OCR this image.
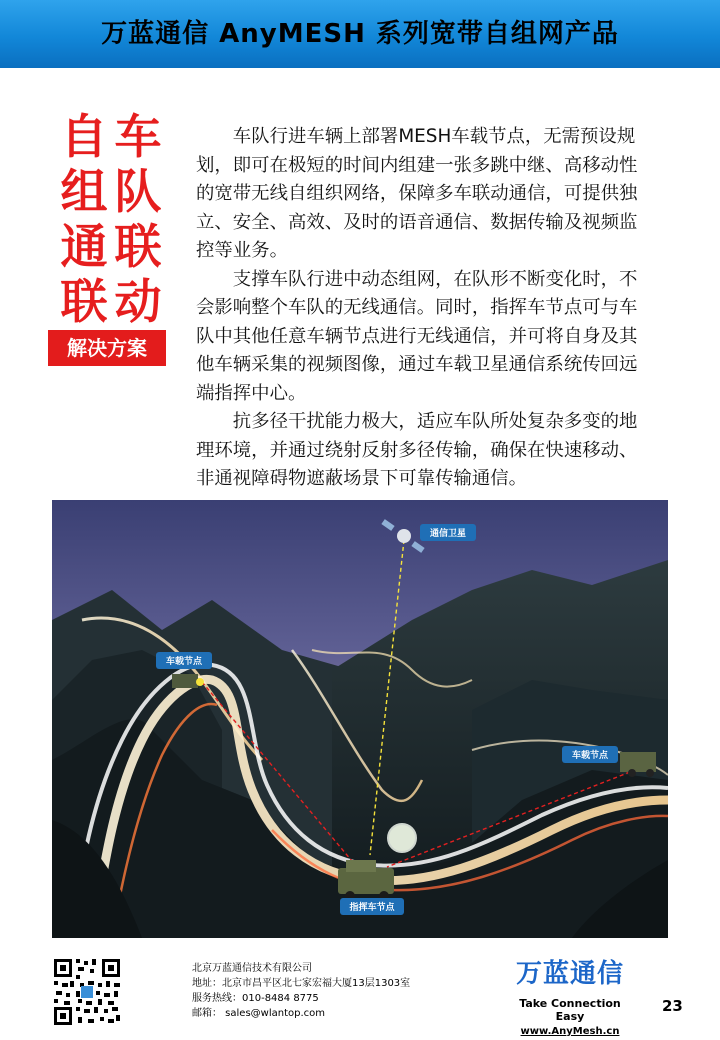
万蓝通信 AnyMESH 系列宽带自组网产品
自
组
通
联
车
队
联
动
解决方案

车队行进车辆上部署MESH车载节点，无需预设规划，即可在极短的时间内组建一张多跳中继、高移动性的宽带无线自组织网络，保障多车联动通信，可提供独立、安全、高效、及时的语音通信、数据传输及视频监控等业务。

支撑车队行进中动态组网，在队形不断变化时，不会影响整个车队的无线通信。同时，指挥车节点可与车队中其他任意车辆节点进行无线通信，并可将自身及其他车辆采集的视频图像，通过车载卫星通信系统传回远端指挥中心。

抗多径干扰能力极大，适应车队所处复杂多变的地理环境，并通过绕射反射多径传输，确保在快速移动、非通视障碍物遮蔽场景下可靠传输通信。

通信卫星
车载节点
车载节点
指挥车节点
北京万蓝通信技术有限公司
地址：北京市昌平区北七家宏福大厦13层1303室
服务热线：010-8484 8775
邮箱： sales@wlantop.com
万蓝通信
Take Connection Easy
www.AnyMesh.cn
23
